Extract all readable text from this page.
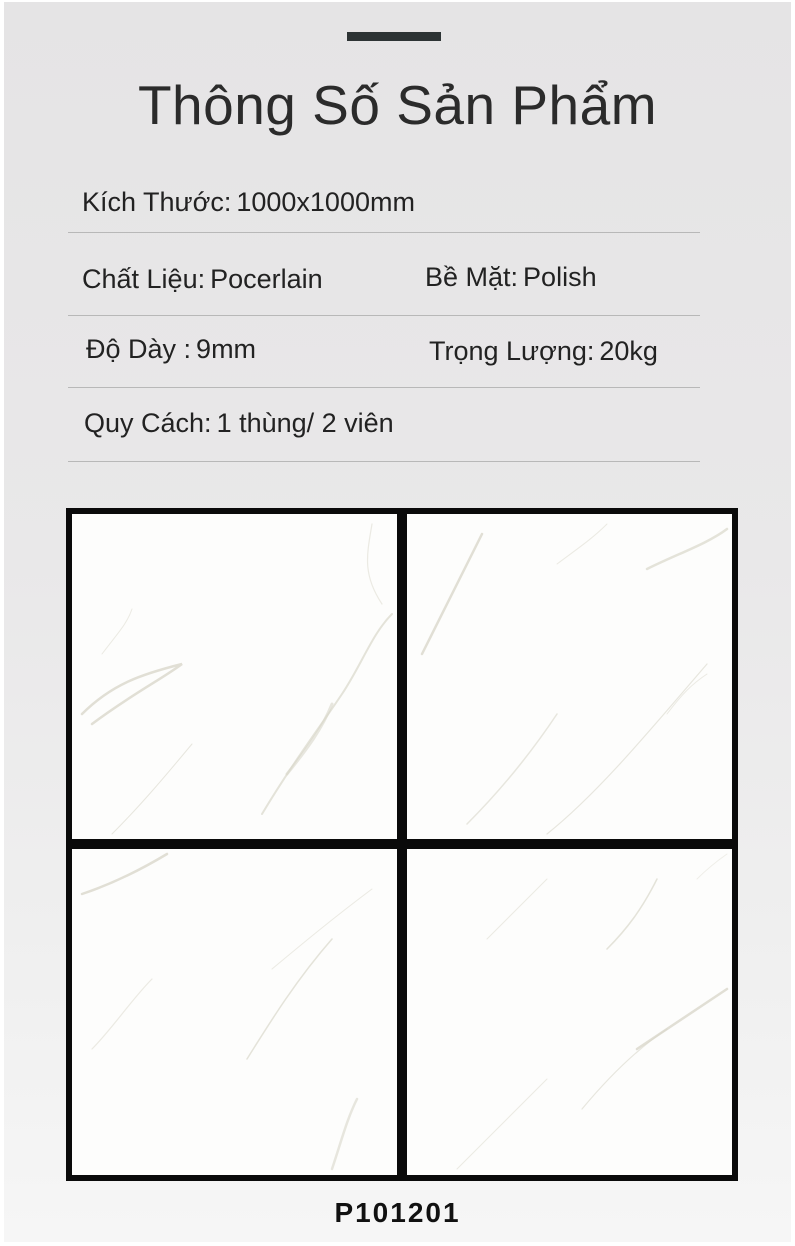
Thông Số Sản Phẩm
Kích Thước: 1000x1000mm
Chất Liệu: Pocerlain	Bề Mặt: Polish
Độ Dày : 9mm	Trọng Lượng: 20kg
Quy Cách: 1 thùng/ 2 viên
P101201
